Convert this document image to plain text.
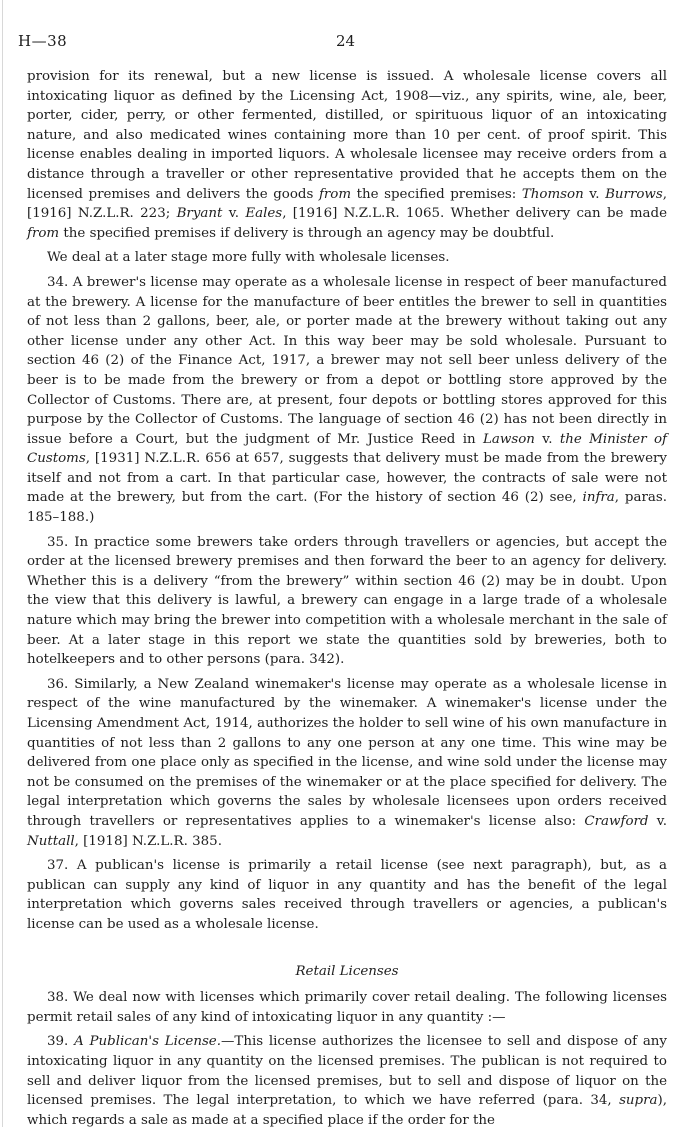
H—38	24

provision for its renewal, but a new license is issued. A wholesale license covers all intoxicating liquor as defined by the Licensing Act, 1908—viz., any spirits, wine, ale, beer, porter, cider, perry, or other fermented, distilled, or spirituous liquor of an intoxicating nature, and also medicated wines containing more than 10 per cent. of proof spirit. This license enables dealing in imported liquors. A wholesale licensee may receive orders from a distance through a traveller or other representative provided that he accepts them on the licensed premises and delivers the goods from the specified premises: Thomson v. Burrows, [1916] N.Z.L.R. 223; Bryant v. Eales, [1916] N.Z.L.R. 1065. Whether delivery can be made from the specified premises if delivery is through an agency may be doubtful.

We deal at a later stage more fully with wholesale licenses.

34. A brewer's license may operate as a wholesale license in respect of beer manufactured at the brewery. A license for the manufacture of beer entitles the brewer to sell in quantities of not less than 2 gallons, beer, ale, or porter made at the brewery without taking out any other license under any other Act. In this way beer may be sold wholesale. Pursuant to section 46 (2) of the Finance Act, 1917, a brewer may not sell beer unless delivery of the beer is to be made from the brewery or from a depot or bottling store approved by the Collector of Customs. There are, at present, four depots or bottling stores approved for this purpose by the Collector of Customs. The language of section 46 (2) has not been directly in issue before a Court, but the judgment of Mr. Justice Reed in Lawson v. the Minister of Customs, [1931] N.Z.L.R. 656 at 657, suggests that delivery must be made from the brewery itself and not from a cart. In that particular case, however, the contracts of sale were not made at the brewery, but from the cart. (For the history of section 46 (2) see, infra, paras. 185–188.)

35. In practice some brewers take orders through travellers or agencies, but accept the order at the licensed brewery premises and then forward the beer to an agency for delivery. Whether this is a delivery “from the brewery” within section 46 (2) may be in doubt. Upon the view that this delivery is lawful, a brewery can engage in a large trade of a wholesale nature which may bring the brewer into competition with a wholesale merchant in the sale of beer. At a later stage in this report we state the quantities sold by breweries, both to hotelkeepers and to other persons (para. 342).

36. Similarly, a New Zealand winemaker's license may operate as a wholesale license in respect of the wine manufactured by the winemaker. A winemaker's license under the Licensing Amendment Act, 1914, authorizes the holder to sell wine of his own manufacture in quantities of not less than 2 gallons to any one person at any one time. This wine may be delivered from one place only as specified in the license, and wine sold under the license may not be consumed on the premises of the winemaker or at the place specified for delivery. The legal interpretation which governs the sales by wholesale licensees upon orders received through travellers or representatives applies to a winemaker's license also: Crawford v. Nuttall, [1918] N.Z.L.R. 385.

37. A publican's license is primarily a retail license (see next paragraph), but, as a publican can supply any kind of liquor in any quantity and has the benefit of the legal interpretation which governs sales received through travellers or agencies, a publican's license can be used as a wholesale license.

Retail Licenses

38. We deal now with licenses which primarily cover retail dealing. The following licenses permit retail sales of any kind of intoxicating liquor in any quantity :—

39. A Publican's License.—This license authorizes the licensee to sell and dispose of any intoxicating liquor in any quantity on the licensed premises. The publican is not required to sell and deliver liquor from the licensed premises, but to sell and dispose of liquor on the licensed premises. The legal interpretation, to which we have referred (para. 34, supra), which regards a sale as made at a specified place if the order for the
